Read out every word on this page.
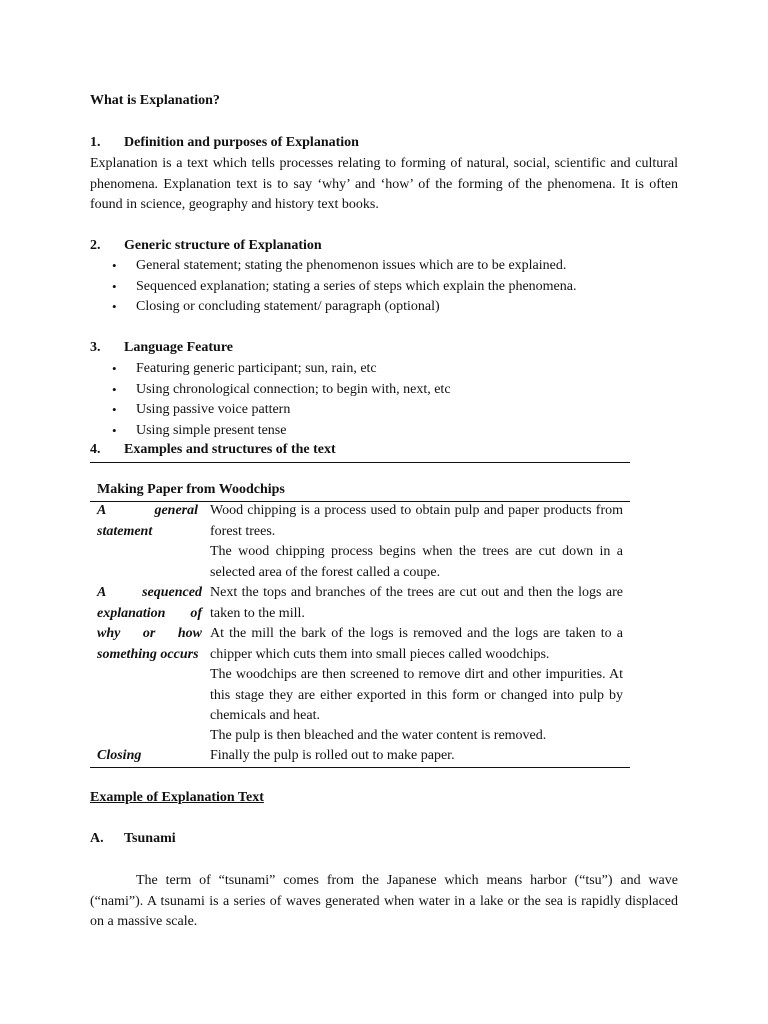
What is Explanation?
1. Definition and purposes of Explanation
Explanation is a text which tells processes relating to forming of natural, social, scientific and cultural phenomena. Explanation text is to say ‘why’ and ‘how’ of the forming of the phenomena. It is often found in science, geography and history text books.
2. Generic structure of Explanation
• General statement; stating the phenomenon issues which are to be explained.
• Sequenced explanation; stating a series of steps which explain the phenomena.
• Closing or concluding statement/ paragraph (optional)
3. Language Feature
• Featuring generic participant; sun, rain, etc
• Using chronological connection; to begin with, next, etc
• Using passive voice pattern
• Using simple present tense
4. Examples and structures of the text
Making Paper from Woodchips
A general statement
A sequenced explanation of why or how something occurs
Closing
Wood chipping is a process used to obtain pulp and paper products from forest trees.
The wood chipping process begins when the trees are cut down in a selected area of the forest called a coupe.
Next the tops and branches of the trees are cut out and then the logs are taken to the mill.
At the mill the bark of the logs is removed and the logs are taken to a chipper which cuts them into small pieces called woodchips.
The woodchips are then screened to remove dirt and other impurities. At this stage they are either exported in this form or changed into pulp by chemicals and heat.
The pulp is then bleached and the water content is removed.
Finally the pulp is rolled out to make paper.
Example of Explanation Text
A. Tsunami
The term of “tsunami” comes from the Japanese which means harbor (“tsu”) and wave (“nami”). A tsunami is a series of waves generated when water in a lake or the sea is rapidly displaced on a massive scale.
